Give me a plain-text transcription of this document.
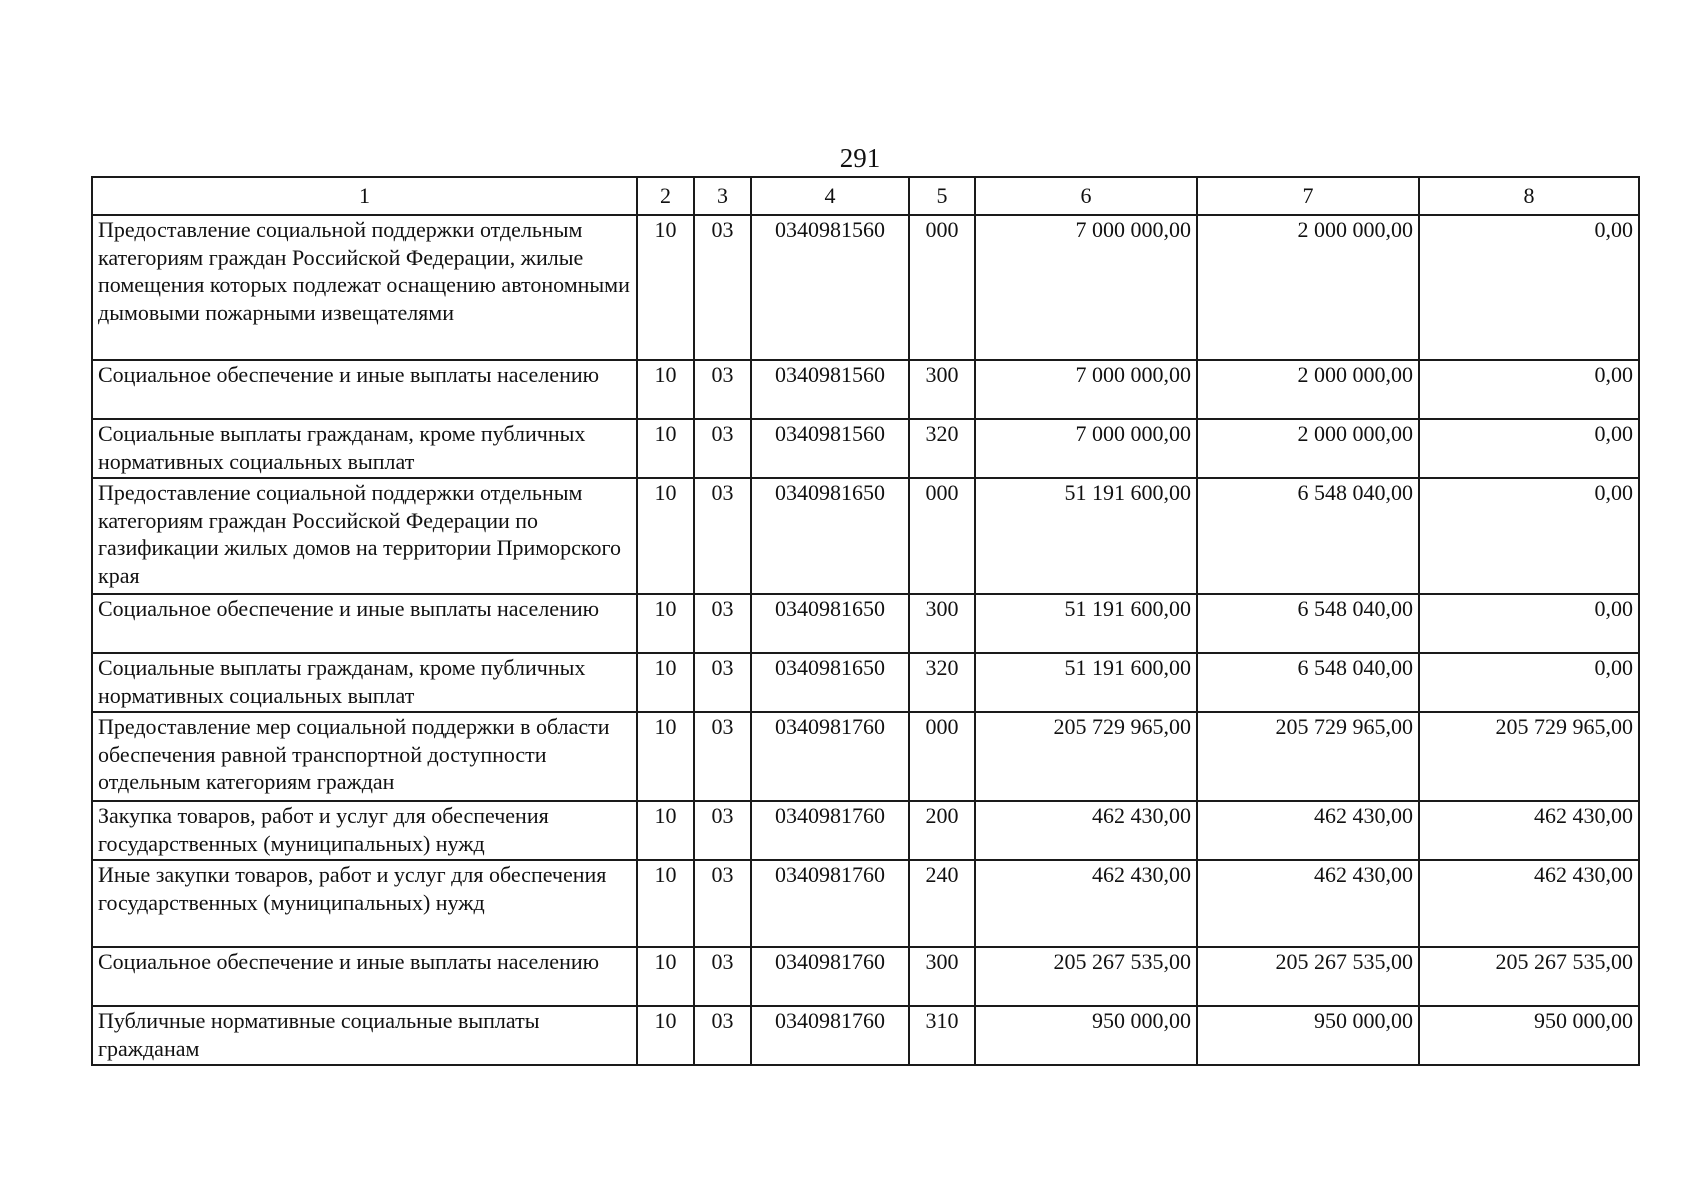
291
1	2	3	4	5	6	7	8
Предоставление социальной поддержки отдельным категориям граждан Российской Федерации, жилые помещения которых подлежат оснащению автономными дымовыми пожарными извещателями	10	03	0340981560	000	7 000 000,00	2 000 000,00	0,00
Социальное обеспечение и иные выплаты населению	10	03	0340981560	300	7 000 000,00	2 000 000,00	0,00
Социальные выплаты гражданам, кроме публичных нормативных социальных выплат	10	03	0340981560	320	7 000 000,00	2 000 000,00	0,00
Предоставление социальной поддержки отдельным категориям граждан Российской Федерации по газификации жилых домов на территории Приморского края	10	03	0340981650	000	51 191 600,00	6 548 040,00	0,00
Социальное обеспечение и иные выплаты населению	10	03	0340981650	300	51 191 600,00	6 548 040,00	0,00
Социальные выплаты гражданам, кроме публичных нормативных социальных выплат	10	03	0340981650	320	51 191 600,00	6 548 040,00	0,00
Предоставление мер социальной поддержки в области обеспечения равной транспортной доступности отдельным категориям граждан	10	03	0340981760	000	205 729 965,00	205 729 965,00	205 729 965,00
Закупка товаров, работ и услуг для обеспечения государственных (муниципальных) нужд	10	03	0340981760	200	462 430,00	462 430,00	462 430,00
Иные закупки товаров, работ и услуг для обеспечения государственных (муниципальных) нужд	10	03	0340981760	240	462 430,00	462 430,00	462 430,00
Социальное обеспечение и иные выплаты населению	10	03	0340981760	300	205 267 535,00	205 267 535,00	205 267 535,00
Публичные нормативные социальные выплаты гражданам	10	03	0340981760	310	950 000,00	950 000,00	950 000,00
